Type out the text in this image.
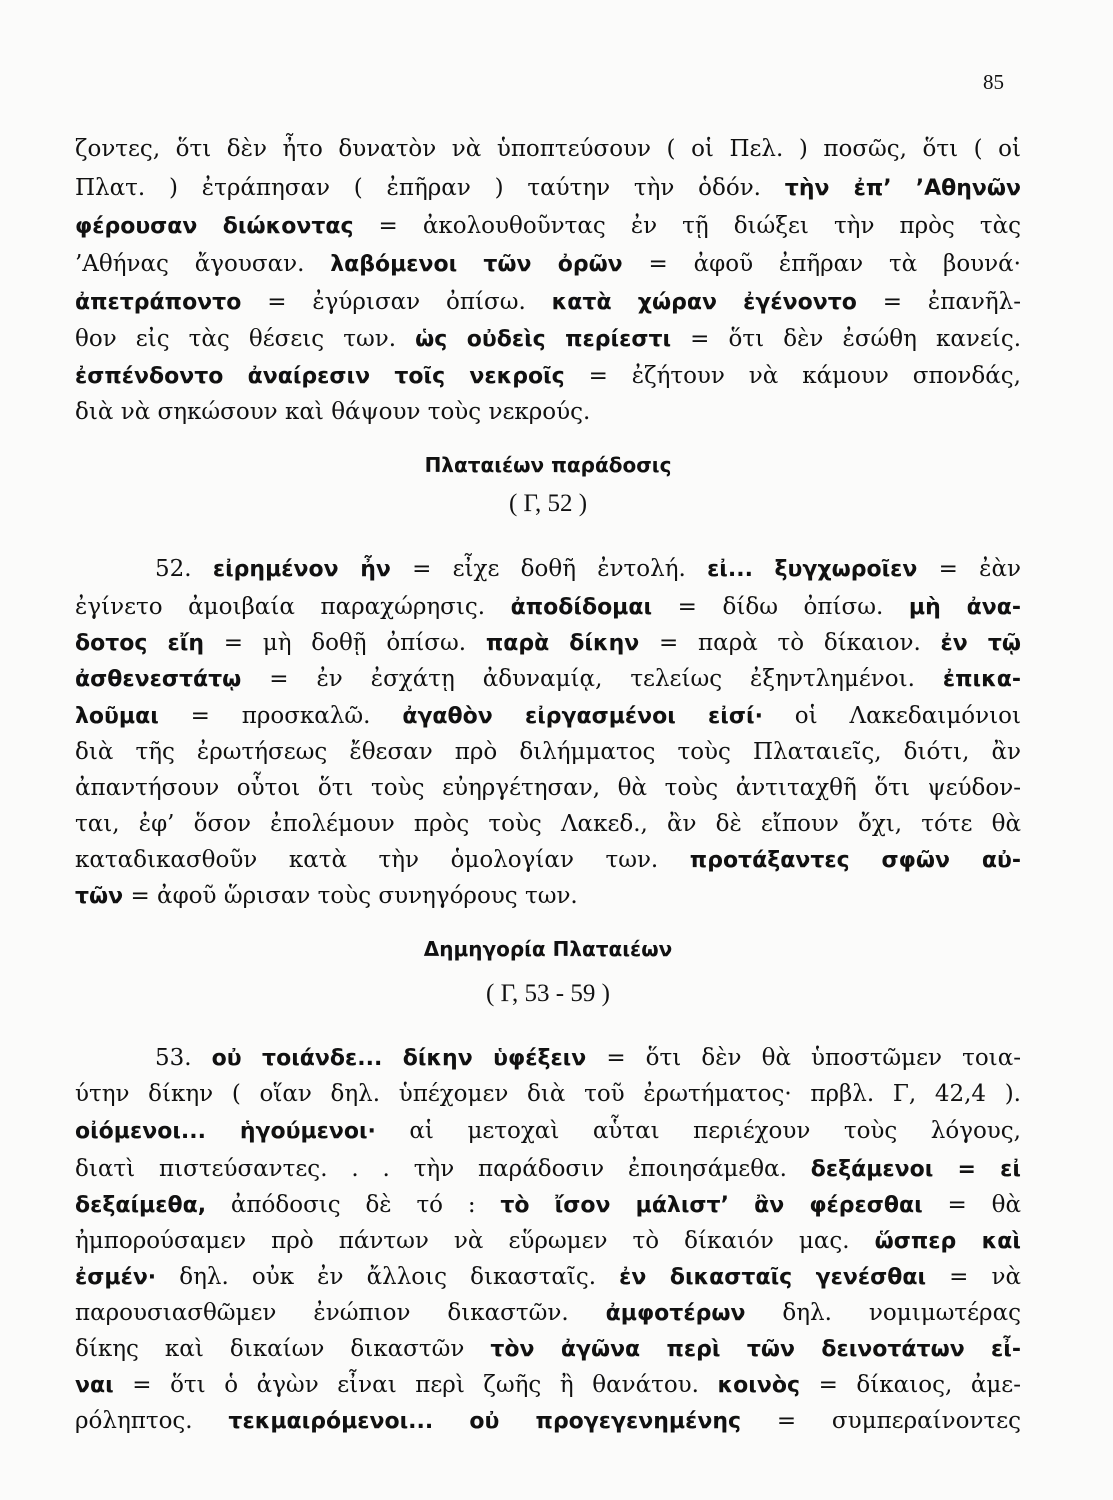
85
ζοντες, ὅτι δὲν ἦτο δυνατὸν νὰ ὑποπτεύσουν ( οἱ Πελ. ) ποσῶς, ὅτι ( οἱ
Πλατ. ) ἐτράπησαν ( ἐπῆραν ) ταύτην τὴν ὁδόν. τὴν ἐπ’ ’Αθηνῶν
φέρουσαν διώκοντας = ἀκολουθοῦντας ἐν τῇ διώξει τὴν πρὸς τὰς
’Αθήνας ἄγουσαν. λαβόμενοι τῶν ὀρῶν = ἀφοῦ ἐπῆραν τὰ βουνά·
ἀπετράποντο = ἐγύρισαν ὀπίσω. κατὰ χώραν ἐγένοντο = ἐπανῆλ-
θον εἰς τὰς θέσεις των. ὡς οὐδεὶς περίεστι = ὅτι δὲν ἐσώθη κανείς.
ἐσπένδοντο ἀναίρεσιν τοῖς νεκροῖς = ἐζήτουν νὰ κάμουν σπονδάς,
διὰ νὰ σηκώσουν καὶ θάψουν τοὺς νεκρούς.
Πλαταιέων παράδοσις
( Γ, 52 )
52. εἰρημένον ἦν = εἶχε δοθῆ ἐντολή. εἰ... ξυγχωροῖεν = ἐὰν
ἐγίνετο ἀμοιβαία παραχώρησις. ἀποδίδομαι = δίδω ὀπίσω. μὴ ἀνα-
δοτος εἴη = μὴ δοθῇ ὀπίσω. παρὰ δίκην = παρὰ τὸ δίκαιον. ἐν τῷ
ἀσθενεστάτῳ = ἐν ἐσχάτῃ ἀδυναμίᾳ, τελείως ἐξηντλημένοι. ἐπικα-
λοῦμαι = προσκαλῶ. ἀγαθὸν εἰργασμένοι εἰσί· οἱ Λακεδαιμόνιοι
διὰ τῆς ἐρωτήσεως ἔθεσαν πρὸ διλήμματος τοὺς Πλαταιεῖς, διότι, ἂν
ἀπαντήσουν οὗτοι ὅτι τοὺς εὐηργέτησαν, θὰ τοὺς ἀντιταχθῆ ὅτι ψεύδον-
ται, ἐφ’ ὅσον ἐπολέμουν πρὸς τοὺς Λακεδ., ἂν δὲ εἴπουν ὄχι, τότε θὰ
καταδικασθοῦν κατὰ τὴν ὁμολογίαν των. προτάξαντες σφῶν αὐ-
τῶν = ἀφοῦ ὥρισαν τοὺς συνηγόρους των.
Δημηγορία Πλαταιέων
( Γ, 53 - 59 )
53. οὐ τοιάνδε... δίκην ὑφέξειν = ὅτι δὲν θὰ ὑποστῶμεν τοια-
ύτην δίκην ( οἵαν δηλ. ὑπέχομεν διὰ τοῦ ἐρωτήματος· πρβλ. Γ, 42,4 ).
οἰόμενοι... ἡγούμενοι· αἱ μετοχαὶ αὗται περιέχουν τοὺς λόγους,
διατὶ πιστεύσαντες. . . τὴν παράδοσιν ἐποιησάμεθα. δεξάμενοι = εἰ
δεξαίμεθα, ἀπόδοσις δὲ τό : τὸ ἴσον μάλιστ’ ἂν φέρεσθαι = θὰ
ἠμπορούσαμεν πρὸ πάντων νὰ εὕρωμεν τὸ δίκαιόν μας. ὥσπερ καὶ
ἐσμέν· δηλ. οὐκ ἐν ἄλλοις δικασταῖς. ἐν δικασταῖς γενέσθαι = νὰ
παρουσιασθῶμεν ἐνώπιον δικαστῶν. ἀμφοτέρων δηλ. νομιμωτέρας
δίκης καὶ δικαίων δικαστῶν τὸν ἀγῶνα περὶ τῶν δεινοτάτων εἶ-
ναι = ὅτι ὁ ἀγὼν εἶναι περὶ ζωῆς ἢ θανάτου. κοινὸς = δίκαιος, ἀμε-
ρόληπτος. τεκμαιρόμενοι... οὐ προγεγενημένης = συμπεραίνοντες
